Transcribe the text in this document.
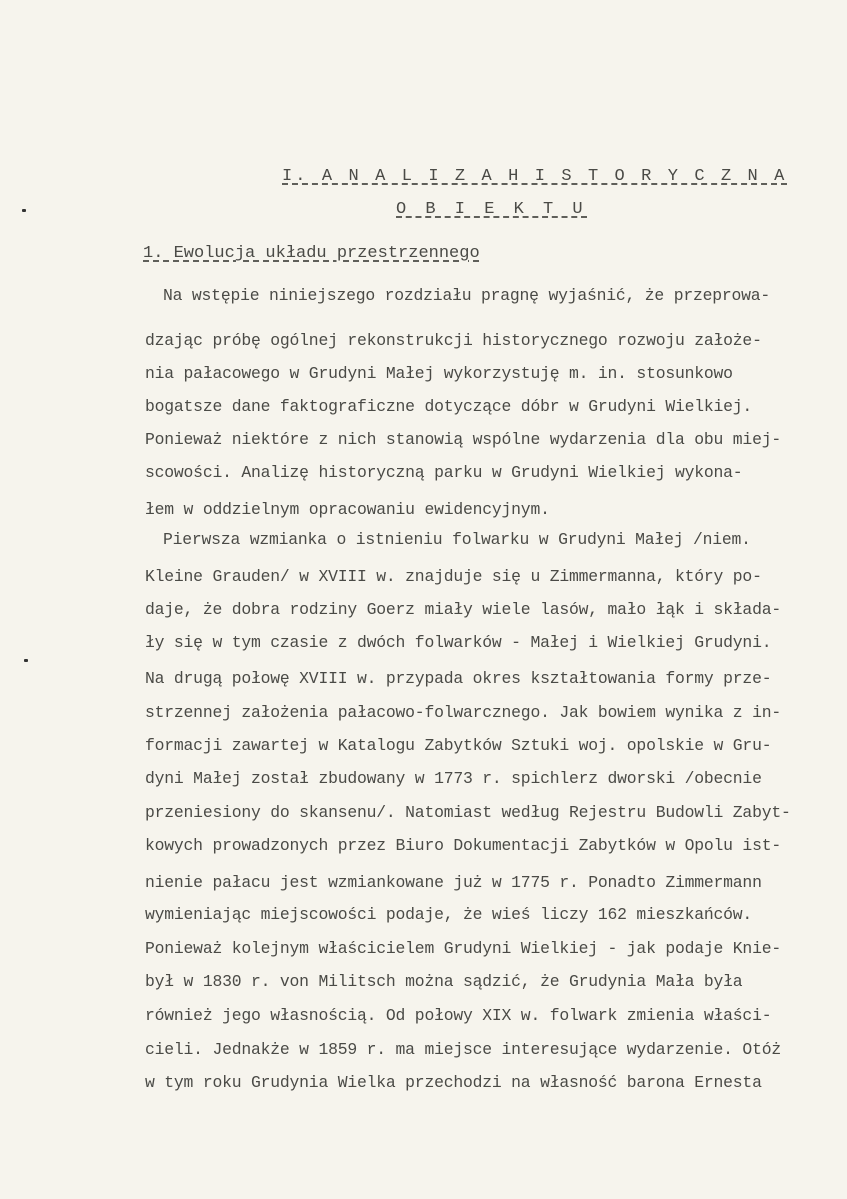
I. A N A L I Z A H I S T O R Y C Z N A
O B I E K T U
1. Ewolucja układu przestrzennego
Na wstępie niniejszego rozdziału pragnę wyjaśnić, że przeprowa-
dzając próbę ogólnej rekonstrukcji historycznego rozwoju założe-
nia pałacowego w Grudyni Małej wykorzystuję m. in. stosunkowo
bogatsze dane faktograficzne dotyczące dóbr w Grudyni Wielkiej.
Ponieważ niektóre z nich stanowią wspólne wydarzenia dla obu miej-
scowości. Analizę historyczną parku w Grudyni Wielkiej wykona-
łem w oddzielnym opracowaniu ewidencyjnym.
Pierwsza wzmianka o istnieniu folwarku w Grudyni Małej /niem.
Kleine Grauden/ w XVIII w. znajduje się u Zimmermanna, który po-
daje, że dobra rodziny Goerz miały wiele lasów, mało łąk i składa-
ły się w tym czasie z dwóch folwarków - Małej i Wielkiej Grudyni.
Na drugą połowę XVIII w. przypada okres kształtowania formy prze-
strzennej założenia pałacowo-folwarcznego. Jak bowiem wynika z in-
formacji zawartej w Katalogu Zabytków Sztuki woj. opolskie w Gru-
dyni Małej został zbudowany w 1773 r. spichlerz dworski /obecnie
przeniesiony do skansenu/. Natomiast według Rejestru Budowli Zabyt-
kowych prowadzonych przez Biuro Dokumentacji Zabytków w Opolu ist-
nienie pałacu jest wzmiankowane już w 1775 r. Ponadto Zimmermann
wymieniając miejscowości podaje, że wieś liczy 162 mieszkańców.
Ponieważ kolejnym właścicielem Grudyni Wielkiej - jak podaje Knie-
był w 1830 r. von Militsch można sądzić, że Grudynia Mała była
również jego własnością. Od połowy XIX w. folwark zmienia właści-
cieli. Jednakże w 1859 r. ma miejsce interesujące wydarzenie. Otóż
w tym roku Grudynia Wielka przechodzi na własność barona Ernesta
